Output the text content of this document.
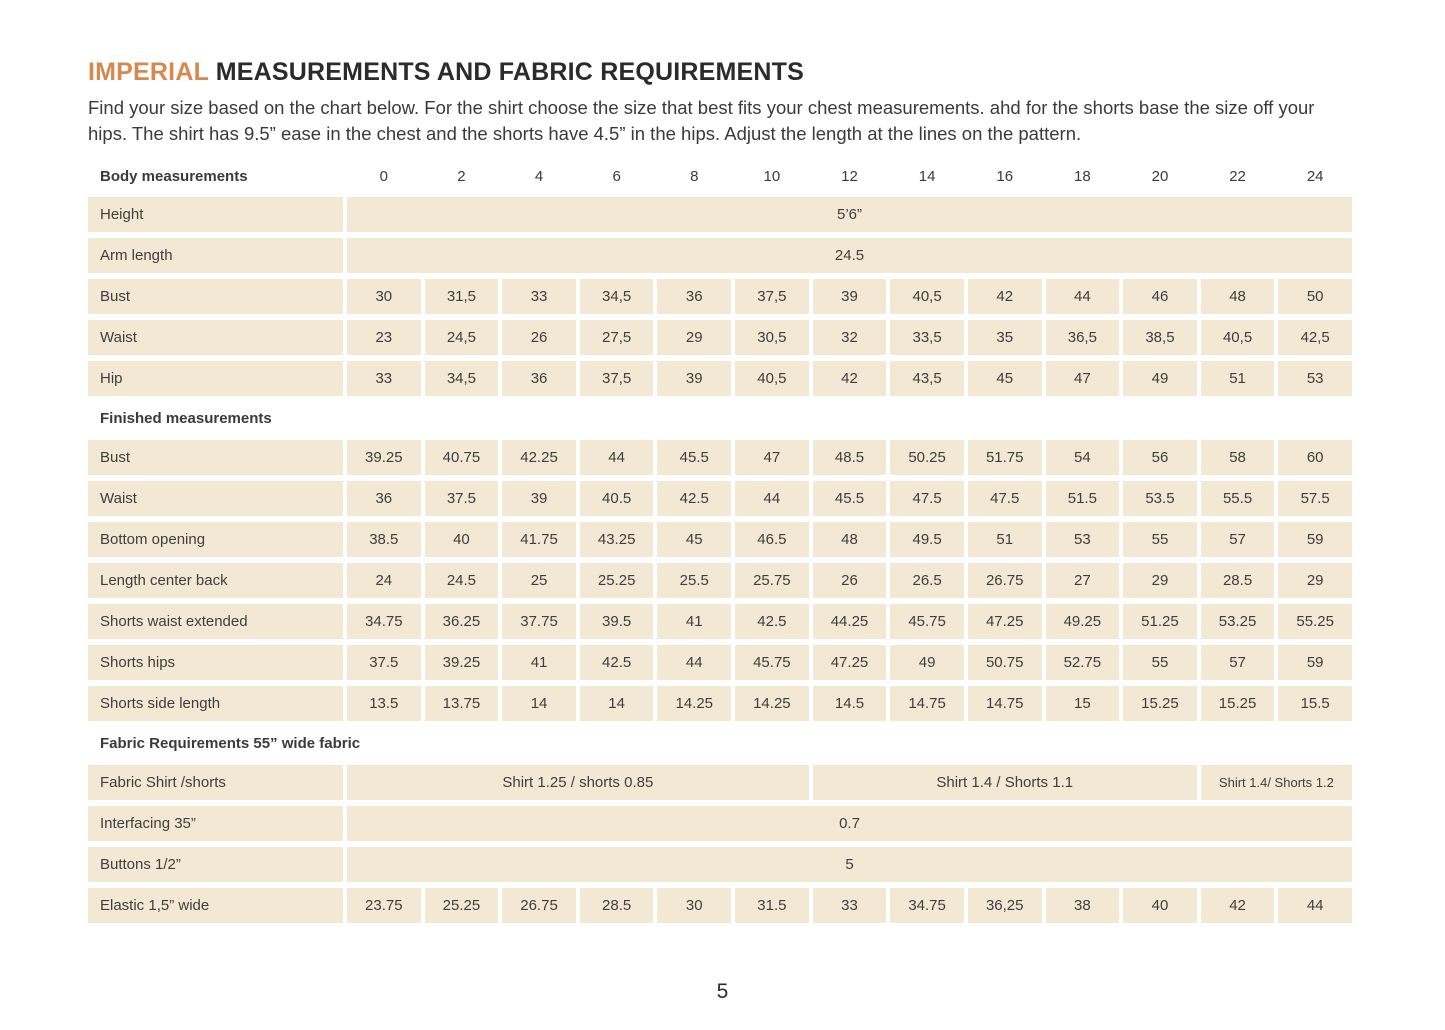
IMPERIAL MEASUREMENTS AND FABRIC REQUIREMENTS

Find your size based on the chart below. For the shirt choose the size that best fits your chest measurements. ahd for the shorts base the size off your hips. The shirt has 9.5” ease in the chest and the shorts have 4.5” in the hips. Adjust the length at the lines on the pattern.

Body measurements	0	2	4	6	8	10	12	14	16	18	20	22	24
Height	5’6”
Arm length	24.5
Bust	30	31,5	33	34,5	36	37,5	39	40,5	42	44	46	48	50
Waist	23	24,5	26	27,5	29	30,5	32	33,5	35	36,5	38,5	40,5	42,5
Hip	33	34,5	36	37,5	39	40,5	42	43,5	45	47	49	51	53
Finished measurements
Bust	39.25	40.75	42.25	44	45.5	47	48.5	50.25	51.75	54	56	58	60
Waist	36	37.5	39	40.5	42.5	44	45.5	47.5	47.5	51.5	53.5	55.5	57.5
Bottom opening	38.5	40	41.75	43.25	45	46.5	48	49.5	51	53	55	57	59
Length center back	24	24.5	25	25.25	25.5	25.75	26	26.5	26.75	27	29	28.5	29
Shorts waist extended	34.75	36.25	37.75	39.5	41	42.5	44.25	45.75	47.25	49.25	51.25	53.25	55.25
Shorts hips	37.5	39.25	41	42.5	44	45.75	47.25	49	50.75	52.75	55	57	59
Shorts side length	13.5	13.75	14	14	14.25	14.25	14.5	14.75	14.75	15	15.25	15.25	15.5
Fabric Requirements 55” wide fabric
Fabric Shirt /shorts	Shirt 1.25 / shorts 0.85	Shirt 1.4 / Shorts 1.1	Shirt 1.4/ Shorts 1.2
Interfacing 35”	0.7
Buttons 1/2”	5
Elastic 1,5” wide	23.75	25.25	26.75	28.5	30	31.5	33	34.75	36,25	38	40	42	44
5
